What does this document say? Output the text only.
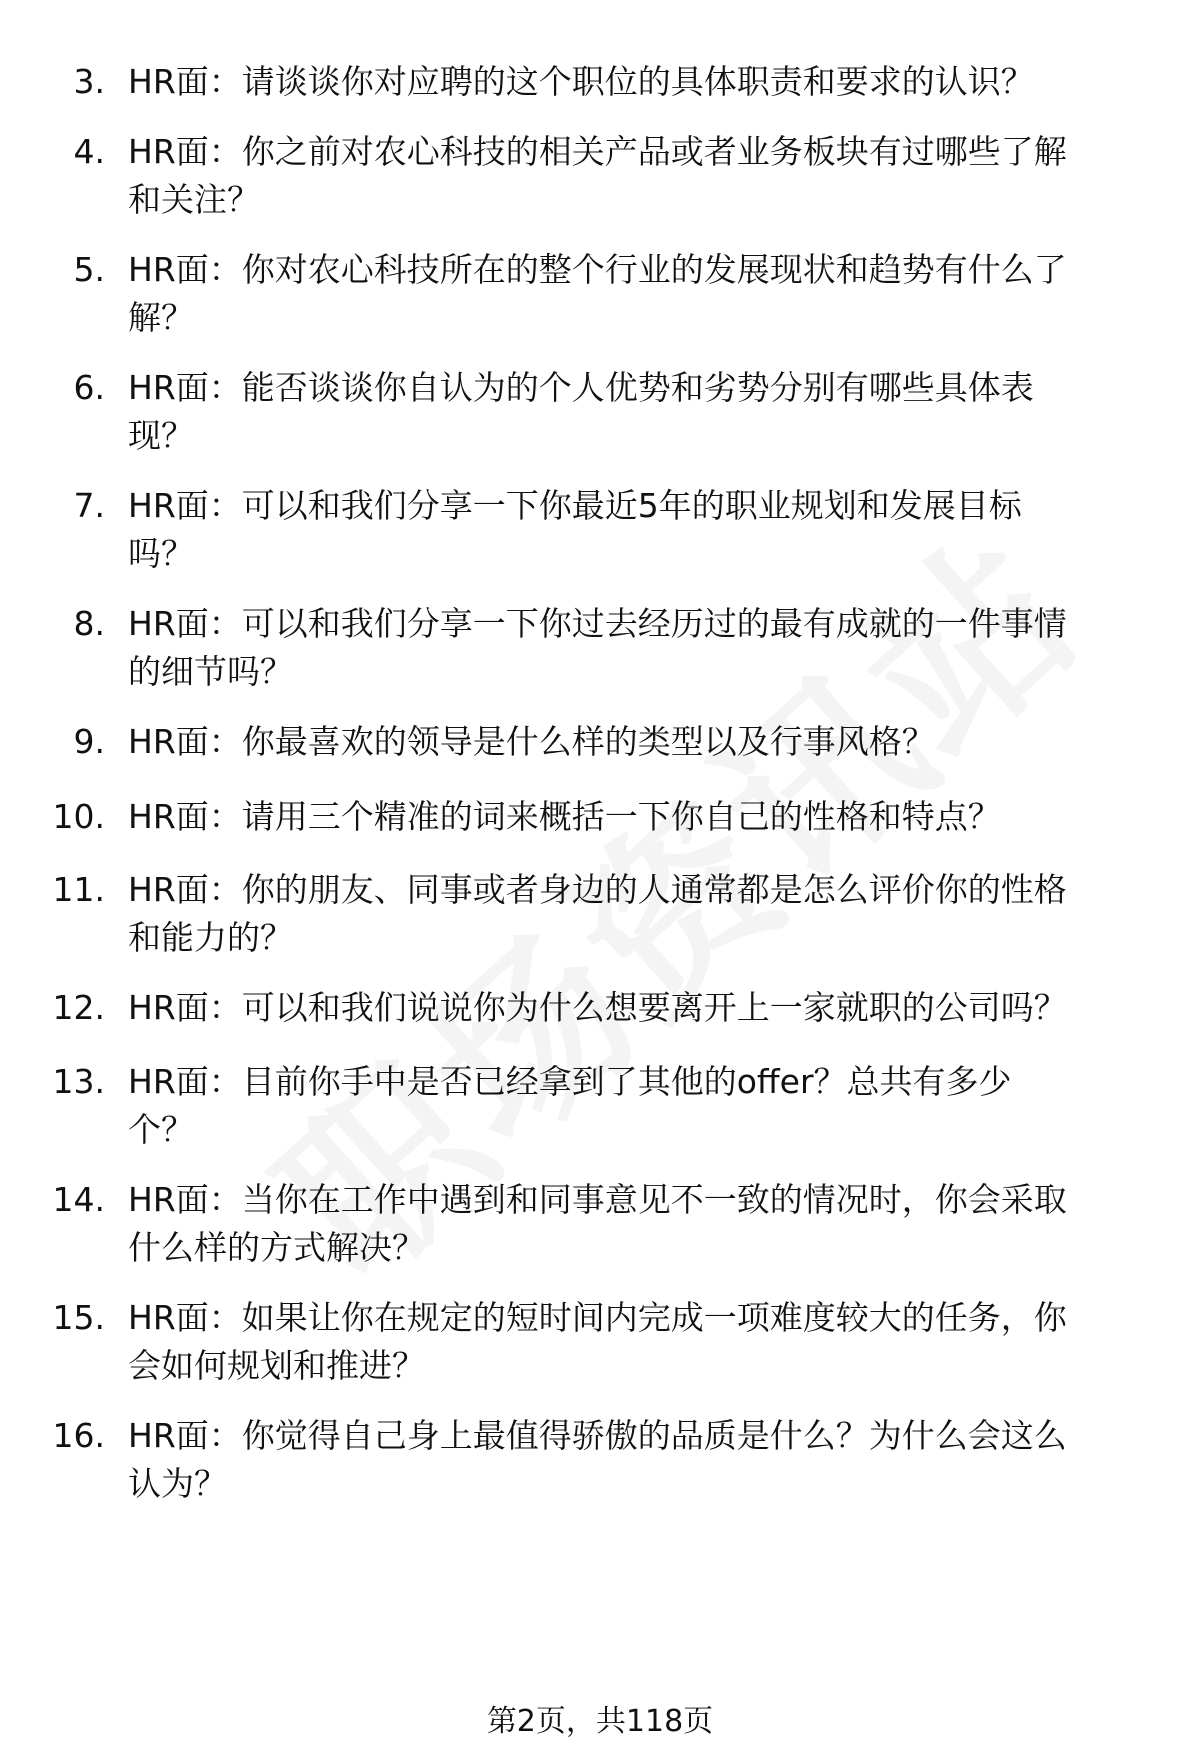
3. HR面：请谈谈你对应聘的这个职位的具体职责和要求的认识？
4. HR面：你之前对农心科技的相关产品或者业务板块有过哪些了解
和关注？
5. HR面：你对农心科技所在的整个行业的发展现状和趋势有什么了
解？
6. HR面：能否谈谈你自认为的个人优势和劣势分别有哪些具体表
现？
7. HR面：可以和我们分享一下你最近5年的职业规划和发展目标
吗？
8. HR面：可以和我们分享一下你过去经历过的最有成就的一件事情
的细节吗？
9. HR面：你最喜欢的领导是什么样的类型以及行事风格？
10. HR面：请用三个精准的词来概括一下你自己的性格和特点？
11. HR面：你的朋友、同事或者身边的人通常都是怎么评价你的性格
和能力的？
12. HR面：可以和我们说说你为什么想要离开上一家就职的公司吗？
13. HR面：目前你手中是否已经拿到了其他的offer？总共有多少
个？
14. HR面：当你在工作中遇到和同事意见不一致的情况时，你会采取
什么样的方式解决？
15. HR面：如果让你在规定的短时间内完成一项难度较大的任务，你
会如何规划和推进？
16. HR面：你觉得自己身上最值得骄傲的品质是什么？为什么会这么
认为？
第2页，共118页
